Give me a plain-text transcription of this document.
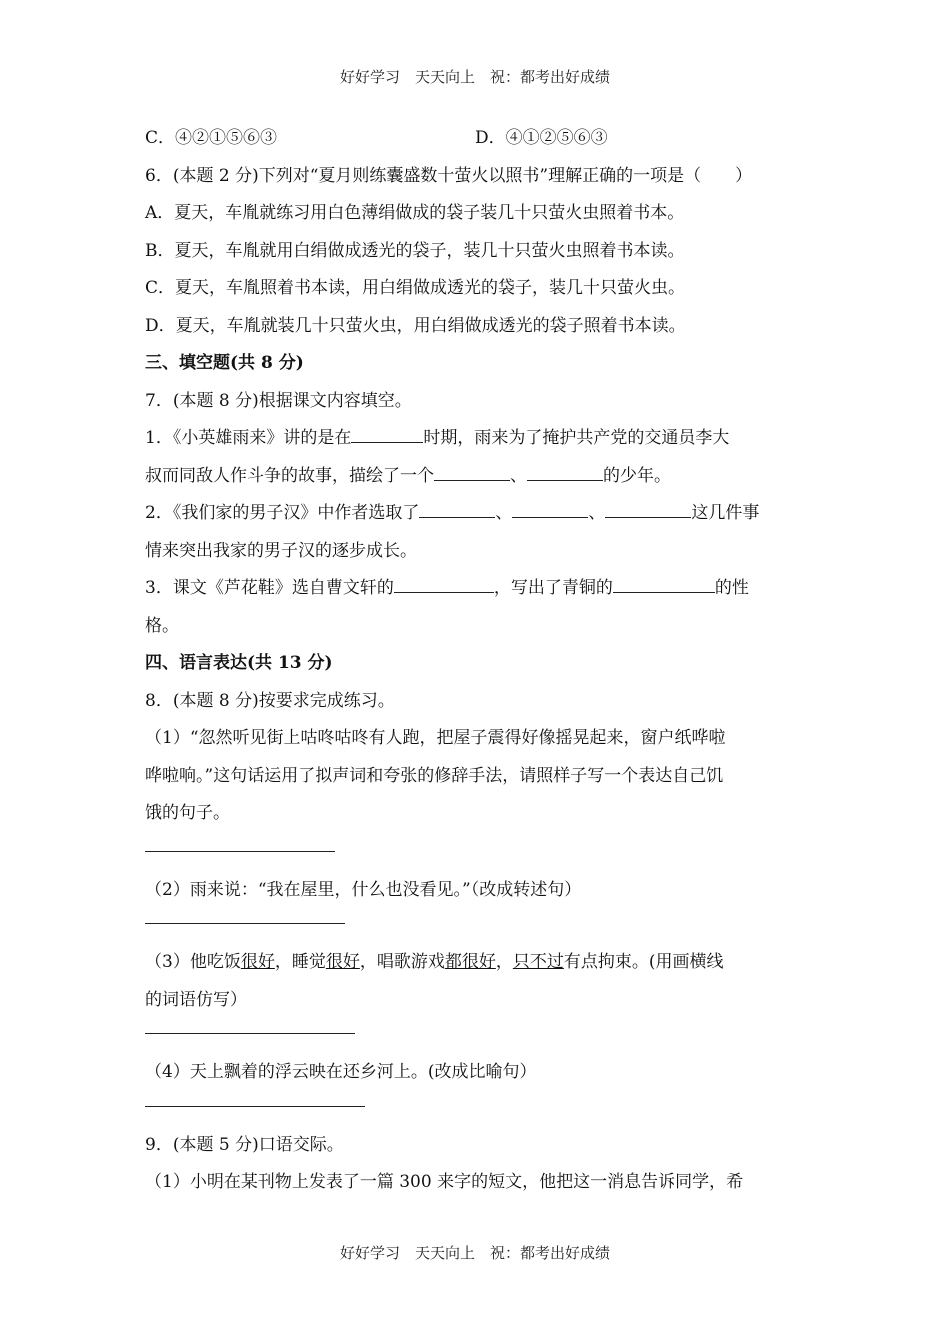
好好学习　天天向上　祝：都考出好成绩
C．④②①⑤⑥③	D．④①②⑤⑥③
6．(本题 2 分)下列对“夏月则练囊盛数十萤火以照书”理解正确的一项是（　　）
A．夏天，车胤就练习用白色薄绢做成的袋子装几十只萤火虫照着书本。
B．夏天，车胤就用白绢做成透光的袋子，装几十只萤火虫照着书本读。
C．夏天，车胤照着书本读，用白绢做成透光的袋子，装几十只萤火虫。
D．夏天，车胤就装几十只萤火虫，用白绢做成透光的袋子照着书本读。
三、填空题(共 8 分)
7．(本题 8 分)根据课文内容填空。
1．《小英雄雨来》讲的是在	时期，雨来为了掩护共产党的交通员李大
叔而同敌人作斗争的故事，描绘了一个	、	的少年。
2．《我们家的男子汉》中作者选取了	、	、	这几件事
情来突出我家的男子汉的逐步成长。
3．课文《芦花鞋》选自曹文轩的	，写出了青铜的	的性
格。
四、语言表达(共 13 分)
8．(本题 8 分)按要求完成练习。
（1）“忽然听见街上咕咚咕咚有人跑，把屋子震得好像摇晃起来，窗户纸哗啦
哗啦响。”这句话运用了拟声词和夸张的修辞手法，请照样子写一个表达自己饥
饿的句子。
（2）雨来说：“我在屋里，什么也没看见。”（改成转述句）
（3）他吃饭很好，睡觉很好，唱歌游戏都很好，只不过有点拘束。(用画横线
的词语仿写）
（4）天上飘着的浮云映在还乡河上。(改成比喻句）
9．(本题 5 分)口语交际。
（1）小明在某刊物上发表了一篇 300 来字的短文，他把这一消息告诉同学，希
好好学习　天天向上　祝：都考出好成绩
